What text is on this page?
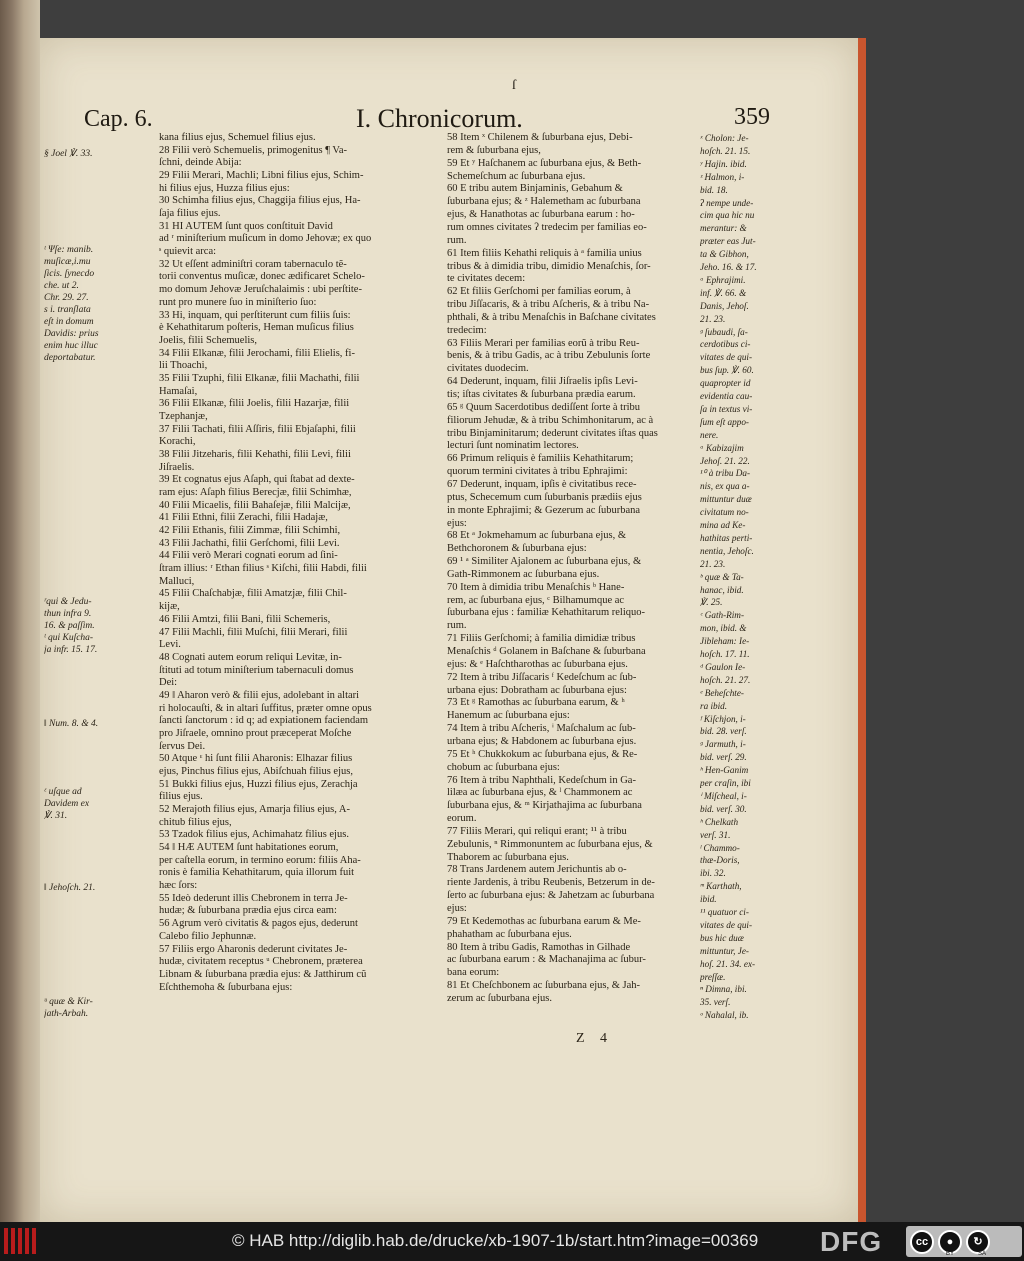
Cap. 6.	I. Chronicorum.	359
ſ
§ Joel ℣. 33.
ᵗ Ψſe: manib.
muſicæ,i.mu
ſicis. ſynecdo
che. ut 2.
Chr. 29. 27.
s i. tranſlata
eſt in domum
Davidis: prius
enim huc illuc
deportabatur.
ʳqui & Jedu-
thun infra 9.
16. & paſſim.
ᵗ qui Kuſcha-
ja infr. 15. 17.
‖ Num. 8. & 4.
ᵋ uſque ad
Davidem ex
℣. 31.
‖ Jehoſch. 21.
ᵘ quæ & Kir-
jath-Arbah.
kana filius ejus, Schemuel filius ejus.
28 Filii verò Schemuelis, primogenitus ¶ Va-
ſchni, deinde Abija:
29 Filii Merari, Machli; Libni filius ejus, Schim-
hi filius ejus, Huzza filius ejus:
30 Schimha filius ejus, Chaggija filius ejus, Ha-
ſaja filius ejus.
31 HI AUTEM ſunt quos conſtituit David
ad ʳ miniſterium muſicum in domo Jehovæ; ex quo
ˢ quievit arca:
32 Ut eſſent adminiſtri coram tabernaculo tẽ-
torii conventus muſicæ, donec ædificaret Schelo-
mo domum Jehovæ Jeruſchalaimis : ubi perſtite-
runt pro munere ſuo in miniſterio ſuo:
33 Hi, inquam, qui perſtiterunt cum filiis ſuis:
è Kehathitarum poſteris, Heman muſicus filius
Joelis, filii Schemuelis,
34 Filii Elkanæ, filii Jerochami, filii Elielis, fi-
lii Thoachi,
35 Filii Tzuphi, filii Elkanæ, filii Machathi, filii
Hamaſai,
36 Filii Elkanæ, filii Joelis, filii Hazarjæ, filii
Tzephanjæ,
37 Filii Tachati, filii Aſſiris, filii Ebjaſaphi, filii
Korachi,
38 Filii Jitzeharis, filii Kehathi, filii Levi, filii
Jiſraelis.
39 Et cognatus ejus Aſaph, qui ſtabat ad dexte-
ram ejus: Aſaph filius Berecjæ, filii Schimhæ,
40 Filii Micaelis, filii Bahaſejæ, filii Malcijæ,
41 Filii Ethni, filii Zerachi, filii Hadajæ,
42 Filii Ethanis, filii Zimmæ, filii Schimhi,
43 Filii Jachathi, filii Gerſchomi, filii Levi.
44 Filii verò Merari cognati eorum ad ſini-
ſtram illius: ʳ Ethan filius ˢ Kiſchi, filii Habdi, filii
Malluci,
45 Filii Chaſchabjæ, filii Amatzjæ, filii Chil-
kijæ,
46 Filii Amtzi, filii Bani, filii Schemeris,
47 Filii Machli, filii Muſchi, filii Merari, filii
Levi.
48 Cognati autem eorum reliqui Levitæ, in-
ſtituti ad totum miniſterium tabernaculi domus
Dei:
49 ‖ Aharon verò & filii ejus, adolebant in altari
ri holocauſti, & in altari ſuffitus, præter omne opus
ſancti ſanctorum : id q; ad expiationem faciendam
pro Jiſraele, omnino prout præceperat Moſche
ſervus Dei.
50 Atque ᵋ hi ſunt filii Aharonis: Elhazar filius
ejus, Pinchus filius ejus, Abiſchuah filius ejus,
51 Bukki filius ejus, Huzzi filius ejus, Zerachja
filius ejus.
52 Merajoth filius ejus, Amarja filius ejus, A-
chitub filius ejus,
53 Tzadok filius ejus, Achimahatz filius ejus.
54 ‖ HÆ AUTEM ſunt habitationes eorum,
per caſtella eorum, in termino eorum: filiis Aha-
ronis è familia Kehathitarum, quia illorum fuit
hæc ſors:
55 Ideò dederunt illis Chebronem in terra Je-
hudæ; & ſuburbana prædia ejus circa eam:
56 Agrum verò civitatis & pagos ejus, dederunt
Calebo filio Jephunnæ.
57 Filiis ergo Aharonis dederunt civitates Je-
hudæ, civitatem receptus ᵘ Chebronem, præterea
Libnam & ſuburbana prædia ejus: & Jatthirum cũ
Eſchthemoha & ſuburbana ejus:
58 Item ˣ Chilenem & ſuburbana ejus, Debi-
rem & ſuburbana ejus,
59 Et ʸ Haſchanem ac ſuburbana ejus, & Beth-
Schemeſchum ac ſuburbana ejus.
60 E tribu autem Binjaminis, Gebahum &
ſuburbana ejus; & ᶻ Halemetham ac ſuburbana
ejus, & Hanathotas ac ſuburbana earum : ho-
rum omnes civitates ʔ tredecim per familias eo-
rum.
61 Item filiis Kehathi reliquis à ᵃ familia unius
tribus & à dimidia tribu, dimidio Menaſchis, ſor-
te civitates decem:
62 Et filiis Gerſchomi per familias eorum, à
tribu Jiſſacaris, & à tribu Aſcheris, & à tribu Na-
phthali, & à tribu Menaſchis in Baſchane civitates
tredecim:
63 Filiis Merari per familias eorũ à tribu Reu-
benis, & à tribu Gadis, ac à tribu Zebulunis ſorte
civitates duodecim.
64 Dederunt, inquam, filii Jiſraelis ipſis Levi-
tis; iſtas civitates & ſuburbana prædia earum.
65 ᵍ Quum Sacerdotibus dediſſent ſorte à tribu
filiorum Jehudæ, & à tribu Schimhonitarum, ac à
tribu Binjaminitarum; dederunt civitates iſtas quas
lecturi ſunt nominatim lectores.
66 Primum reliquis è familiis Kehathitarum;
quorum termini civitates à tribu Ephrajimi:
67 Dederunt, inquam, ipſis è civitatibus rece-
ptus, Schecemum cum ſuburbanis prædiis ejus
in monte Ephrajimi; & Gezerum ac ſuburbana
ejus:
68 Et ᵃ Jokmehamum ac ſuburbana ejus, &
Bethchoronem & ſuburbana ejus:
69 ¹ ᵃ Similiter Ajalonem ac ſuburbana ejus, &
Gath-Rimmonem ac ſuburbana ejus.
70 Item à dimidia tribu Menaſchis ᵇ Hane-
rem, ac ſuburbana ejus, ᶜ Bilhamumque ac
ſuburbana ejus : familiæ Kehathitarum reliquo-
rum.
71 Filiis Gerſchomi; à familia dimidiæ tribus
Menaſchis ᵈ Golanem in Baſchane & ſuburbana
ejus: & ᵉ Haſchtharothas ac ſuburbana ejus.
72 Item à tribu Jiſſacaris ᶠ Kedeſchum ac ſub-
urbana ejus: Dobratham ac ſuburbana ejus:
73 Et ᵍ Ramothas ac ſuburbana earum, & ʰ
Hanemum ac ſuburbana ejus:
74 Item à tribu Aſcheris, ⁱ Maſchalum ac ſub-
urbana ejus; & Habdonem ac ſuburbana ejus.
75 Et ʰ Chukkokum ac ſuburbana ejus, & Re-
chobum ac ſuburbana ejus:
76 Item à tribu Naphthali, Kedeſchum in Ga-
lilæa ac ſuburbana ejus, & ˡ Chammonem ac
ſuburbana ejus, & ᵐ Kirjathajima ac ſuburbana
eorum.
77 Filiis Merari, qui reliqui erant; ¹¹ à tribu
Zebulunis, ⁿ Rimmonuntem ac ſuburbana ejus, &
Thaborem ac ſuburbana ejus.
78 Trans Jardenem autem Jerichuntis ab o-
riente Jardenis, à tribu Reubenis, Betzerum in de-
ſerto ac ſuburbana ejus: & Jahetzam ac ſuburbana
ejus:
79 Et Kedemothas ac ſuburbana earum & Me-
phahatham ac ſuburbana ejus.
80 Item à tribu Gadis, Ramothas in Gilhade
ac ſuburbana earum : & Machanajima ac ſubur-
bana eorum:
81 Et Cheſchbonem ac ſuburbana ejus, & Jah-
zerum ac ſuburbana ejus.
ˣ Cholon: Je-
hoſch. 21. 15.
ʸ Hajin. ibid.
ᶻ Halmon, i-
bid. 18.
ʔ nempe unde-
cim qua hic nu
merantur: &
præter eas Jut-
ta & Gibhon,
Jeho. 16. & 17.
ᵃ Ephrajimi.
inf. ℣. 66. &
Danis, Jehoſ.
21. 23.
ᵍ ſubaudi, ſa-
cerdotibus ci-
vitates de qui-
bus ſup. ℣. 60.
quapropter id
evidentia cau-
ſa in textus vi-
ſum eſt appo-
nere.
ᵃ Kabizajim
Jehoſ. 21. 22.
¹⁰ à tribu Da-
nis, ex qua a-
mittuntur duæ
civitatum no-
mina ad Ke-
hathitas perti-
nentia, Jehoſc.
21. 23.
ᵇ quæ & Ta-
hanac, ibid.
℣. 25.
ᶜ Gath-Rim-
mon, ibid. &
Jibleham: Ie-
hoſch. 17. 11.
ᵈ Gaulon Ie-
hoſch. 21. 27.
ᵉ Beheſchte-
ra ibid.
ᶠ Kiſchjon, i-
bid. 28. verſ.
ᵍ Jarmuth, i-
bid. verſ. 29.
ʰ Hen-Ganim
per craſin, ibi
ⁱ Miſcheal, i-
bid. verſ. 30.
ʰ Chelkath
verſ. 31.
ˡ Chammo-
thæ-Doris,
ibi. 32.
ᵐ Karthath,
ibid.
¹¹ quatuor ci-
vitates de qui-
bus hic duæ
mittuntur, Je-
hoſ. 21. 34. ex-
preſſæ.
ⁿ Dimna, ibi.
35. verſ.
ᵒ Nahalal, ib.
Z 4
© HAB http://diglib.hab.de/drucke/xb-1907-1b/start.htm?image=00369 DFG	cc	●	↻
BY	SA
